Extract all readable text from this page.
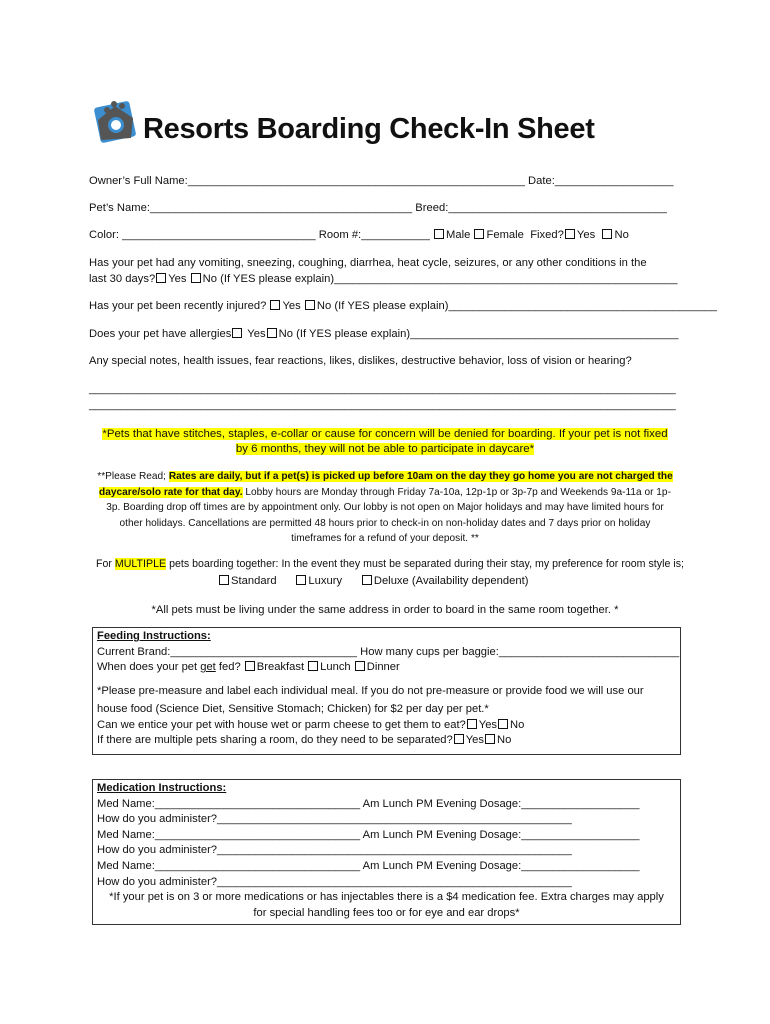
Resorts Boarding Check-In Sheet
Owner’s Full Name:______________________________________________________ Date:___________________
Pet’s Name:__________________________________________ Breed:___________________________________
Color: _______________________________ Room #:___________ Male Female Fixed? Yes No
Has your pet had any vomiting, sneezing, coughing, diarrhea, heat cycle, seizures, or any other conditions in the
last 30 days? Yes No (If YES please explain)_______________________________________________________
Has your pet been recently injured? Yes No (If YES please explain)___________________________________________
Does your pet have allergies Yes No (If YES please explain)___________________________________________
Any special notes, health issues, fear reactions, likes, dislikes, destructive behavior, loss of vision or hearing?
______________________________________________________________________________________________
______________________________________________________________________________________________
*Pets that have stitches, staples, e-collar or cause for concern will be denied for boarding. If your pet is not fixed
by 6 months, they will not be able to participate in daycare*
**Please Read; Rates are daily, but if a pet(s) is picked up before 10am on the day they go home you are not charged the
daycare/solo rate for that day. Lobby hours are Monday through Friday 7a-10a, 12p-1p or 3p-7p and Weekends 9a-11a or 1p-
3p. Boarding drop off times are by appointment only. Our lobby is not open on Major holidays and may have limited hours for
other holidays. Cancellations are permitted 48 hours prior to check-in on non-holiday dates and 7 days prior on holiday
timeframes for a refund of your deposit. **
For MULTIPLE pets boarding together: In the event they must be separated during their stay, my preference for room style is;
Standard	Luxury	Deluxe (Availability dependent)
*All pets must be living under the same address in order to board in the same room together. *
Feeding Instructions:
Current Brand:______________________________ How many cups per baggie:_____________________________
When does your pet get fed? Breakfast Lunch Dinner
*Please pre-measure and label each individual meal. If you do not pre-measure or provide food we will use our
house food (Science Diet, Sensitive Stomach; Chicken) for $2 per day per pet.*
Can we entice your pet with house wet or parm cheese to get them to eat? Yes No
If there are multiple pets sharing a room, do they need to be separated? Yes No
Medication Instructions:
Med Name:_________________________________ Am Lunch PM Evening Dosage:___________________
How do you administer?_________________________________________________________
Med Name:_________________________________ Am Lunch PM Evening Dosage:___________________
How do you administer?_________________________________________________________
Med Name:_________________________________ Am Lunch PM Evening Dosage:___________________
How do you administer?_________________________________________________________
*If your pet is on 3 or more medications or has injectables there is a $4 medication fee. Extra charges may apply
for special handling fees too or for eye and ear drops*
